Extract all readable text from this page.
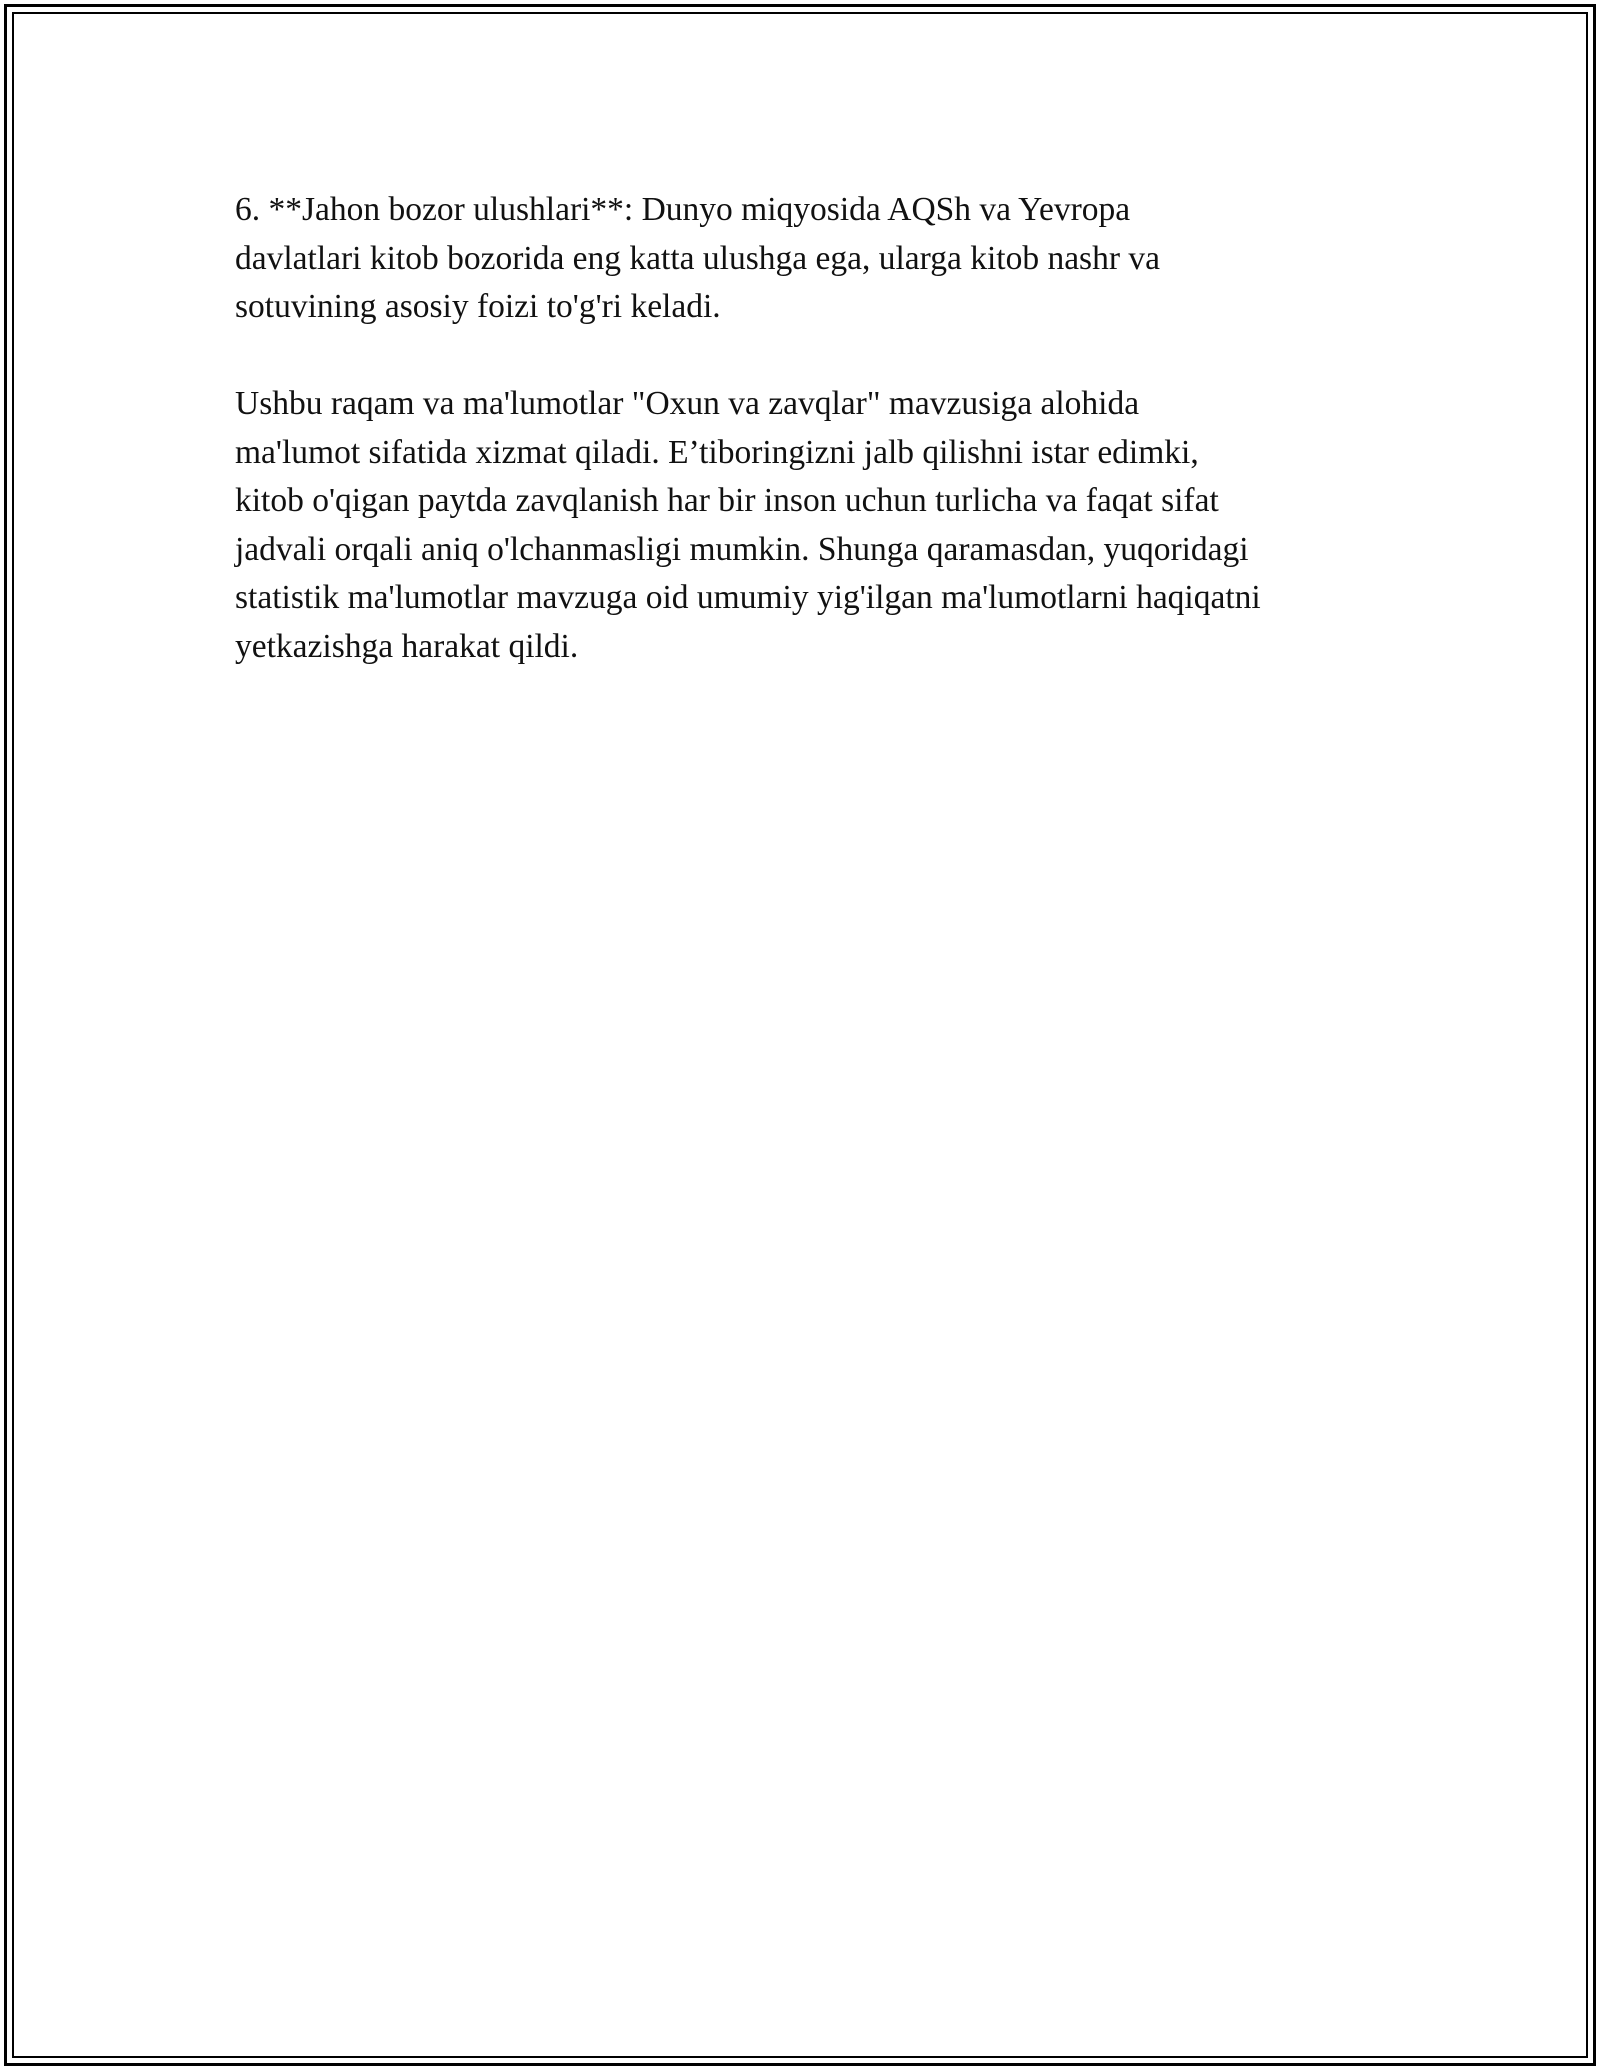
6. **Jahon bozor ulushlari**: Dunyo miqyosida AQSh va Yevropa
davlatlari kitob bozorida eng katta ulushga ega, ularga kitob nashr va
sotuvining asosiy foizi to'g'ri keladi.

Ushbu raqam va ma'lumotlar "Oxun va zavqlar" mavzusiga alohida
ma'lumot sifatida xizmat qiladi. E’tiboringizni jalb qilishni istar edimki,
kitob o'qigan paytda zavqlanish har bir inson uchun turlicha va faqat sifat
jadvali orqali aniq o'lchanmasligi mumkin. Shunga qaramasdan, yuqoridagi
statistik ma'lumotlar mavzuga oid umumiy yig'ilgan ma'lumotlarni haqiqatni
yetkazishga harakat qildi.
